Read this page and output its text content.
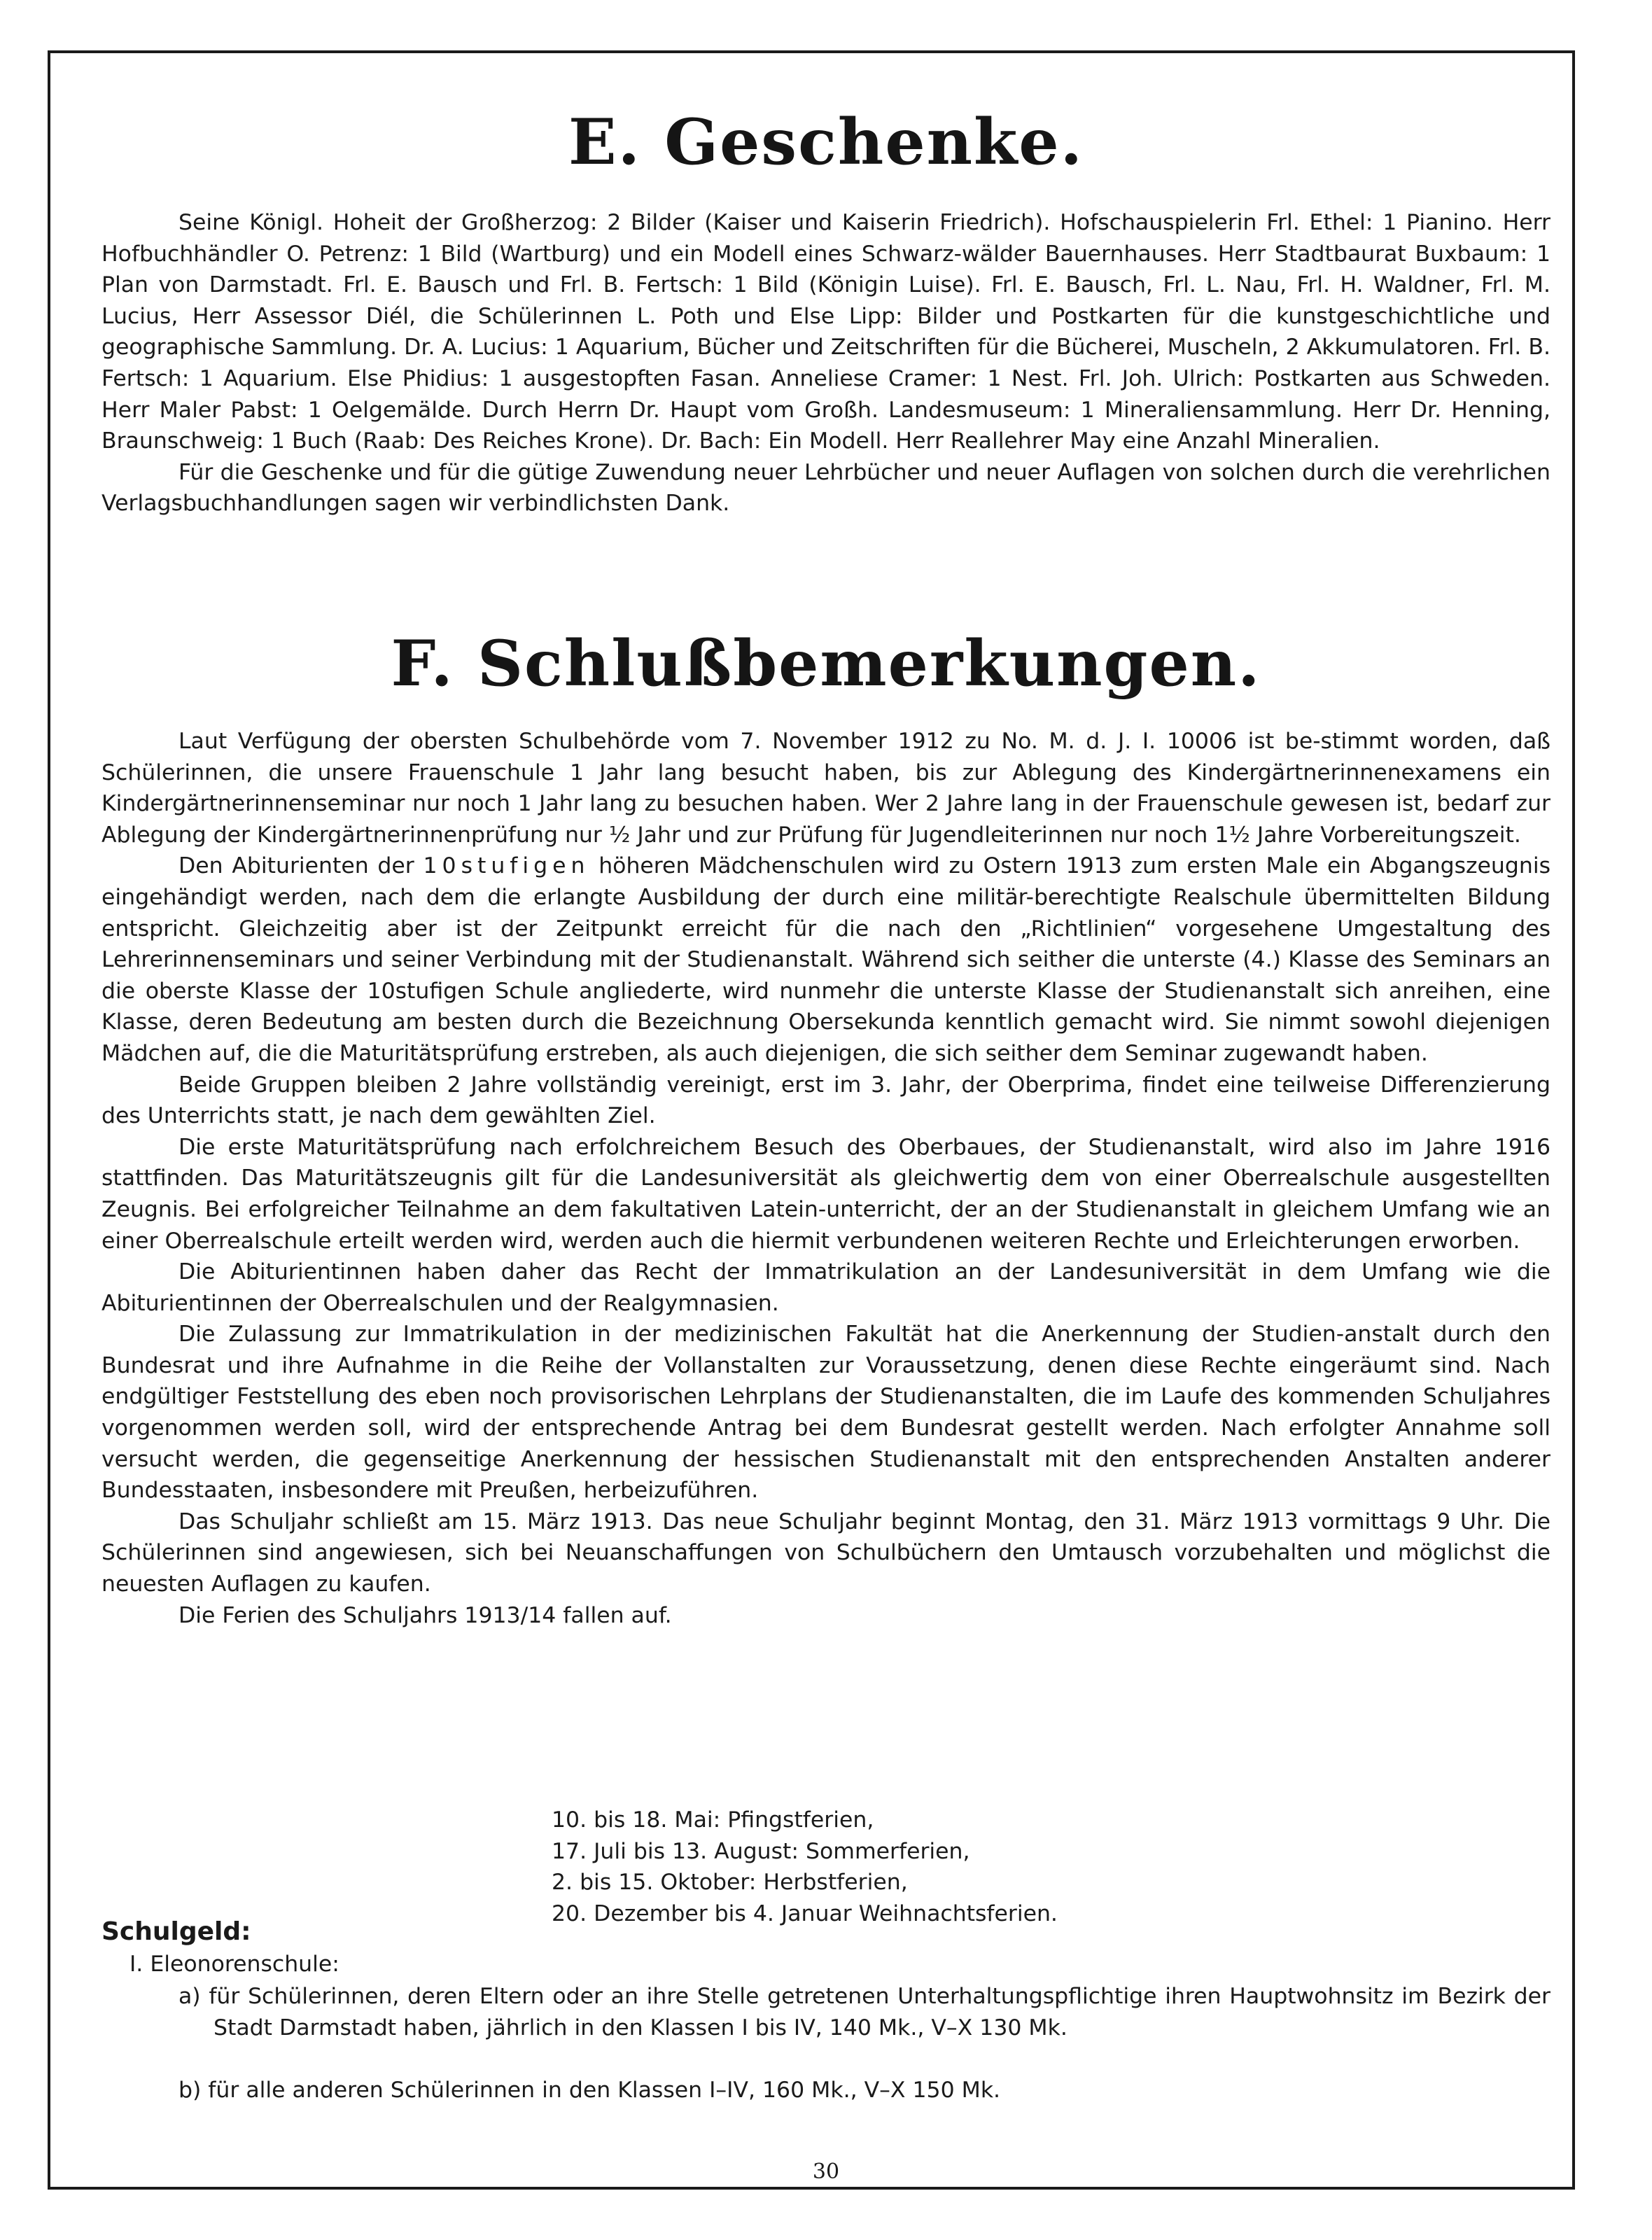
E. Geschenke.

Seine Königl. Hoheit der Großherzog: 2 Bilder (Kaiser und Kaiserin Friedrich). Hofschauspielerin Frl. Ethel: 1 Pianino. Herr Hofbuchhändler O. Petrenz: 1 Bild (Wartburg) und ein Modell eines Schwarz-wälder Bauernhauses. Herr Stadtbaurat Buxbaum: 1 Plan von Darmstadt. Frl. E. Bausch und Frl. B. Fertsch: 1 Bild (Königin Luise). Frl. E. Bausch, Frl. L. Nau, Frl. H. Waldner, Frl. M. Lucius, Herr Assessor Diél, die Schülerinnen L. Poth und Else Lipp: Bilder und Postkarten für die kunstgeschichtliche und geographische Sammlung. Dr. A. Lucius: 1 Aquarium, Bücher und Zeitschriften für die Bücherei, Muscheln, 2 Akkumulatoren. Frl. B. Fertsch: 1 Aquarium. Else Phidius: 1 ausgestopften Fasan. Anneliese Cramer: 1 Nest. Frl. Joh. Ulrich: Postkarten aus Schweden. Herr Maler Pabst: 1 Oelgemälde. Durch Herrn Dr. Haupt vom Großh. Landesmuseum: 1 Mineraliensammlung. Herr Dr. Henning, Braunschweig: 1 Buch (Raab: Des Reiches Krone). Dr. Bach: Ein Modell. Herr Reallehrer May eine Anzahl Mineralien.

Für die Geschenke und für die gütige Zuwendung neuer Lehrbücher und neuer Auflagen von solchen durch die verehrlichen Verlagsbuchhandlungen sagen wir verbindlichsten Dank.

F. Schlußbemerkungen.

Laut Verfügung der obersten Schulbehörde vom 7. November 1912 zu No. M. d. J. I. 10006 ist be-stimmt worden, daß Schülerinnen, die unsere Frauenschule 1 Jahr lang besucht haben, bis zur Ablegung des Kindergärtnerinnenexamens ein Kindergärtnerinnenseminar nur noch 1 Jahr lang zu besuchen haben. Wer 2 Jahre lang in der Frauenschule gewesen ist, bedarf zur Ablegung der Kindergärtnerinnenprüfung nur ½ Jahr und zur Prüfung für Jugendleiterinnen nur noch 1½ Jahre Vorbereitungszeit.

Den Abiturienten der 10stufigen höheren Mädchenschulen wird zu Ostern 1913 zum ersten Male ein Abgangszeugnis eingehändigt werden, nach dem die erlangte Ausbildung der durch eine militär-berechtigte Realschule übermittelten Bildung entspricht. Gleichzeitig aber ist der Zeitpunkt erreicht für die nach den „Richtlinien“ vorgesehene Umgestaltung des Lehrerinnenseminars und seiner Verbindung mit der Studienanstalt. Während sich seither die unterste (4.) Klasse des Seminars an die oberste Klasse der 10stufigen Schule angliederte, wird nunmehr die unterste Klasse der Studienanstalt sich anreihen, eine Klasse, deren Bedeutung am besten durch die Bezeichnung Obersekunda kenntlich gemacht wird. Sie nimmt sowohl diejenigen Mädchen auf, die die Maturitätsprüfung erstreben, als auch diejenigen, die sich seither dem Seminar zugewandt haben.

Beide Gruppen bleiben 2 Jahre vollständig vereinigt, erst im 3. Jahr, der Oberprima, findet eine teilweise Differenzierung des Unterrichts statt, je nach dem gewählten Ziel.

Die erste Maturitätsprüfung nach erfolchreichem Besuch des Oberbaues, der Studienanstalt, wird also im Jahre 1916 stattfinden. Das Maturitätszeugnis gilt für die Landesuniversität als gleichwertig dem von einer Oberrealschule ausgestellten Zeugnis. Bei erfolgreicher Teilnahme an dem fakultativen Latein-unterricht, der an der Studienanstalt in gleichem Umfang wie an einer Oberrealschule erteilt werden wird, werden auch die hiermit verbundenen weiteren Rechte und Erleichterungen erworben.

Die Abiturientinnen haben daher das Recht der Immatrikulation an der Landesuniversität in dem Umfang wie die Abiturientinnen der Oberrealschulen und der Realgymnasien.

Die Zulassung zur Immatrikulation in der medizinischen Fakultät hat die Anerkennung der Studien-anstalt durch den Bundesrat und ihre Aufnahme in die Reihe der Vollanstalten zur Voraussetzung, denen diese Rechte eingeräumt sind. Nach endgültiger Feststellung des eben noch provisorischen Lehrplans der Studienanstalten, die im Laufe des kommenden Schuljahres vorgenommen werden soll, wird der entsprechende Antrag bei dem Bundesrat gestellt werden. Nach erfolgter Annahme soll versucht werden, die gegenseitige Anerkennung der hessischen Studienanstalt mit den entsprechenden Anstalten anderer Bundesstaaten, insbesondere mit Preußen, herbeizuführen.

Das Schuljahr schließt am 15. März 1913. Das neue Schuljahr beginnt Montag, den 31. März 1913 vormittags 9 Uhr. Die Schülerinnen sind angewiesen, sich bei Neuanschaffungen von Schulbüchern den Umtausch vorzubehalten und möglichst die neuesten Auflagen zu kaufen.

Die Ferien des Schuljahrs 1913/14 fallen auf.

10. bis 18. Mai: Pfingstferien,
17. Juli bis 13. August: Sommerferien,
2. bis 15. Oktober: Herbstferien,
20. Dezember bis 4. Januar Weihnachtsferien.
Schulgeld:
I. Eleonorenschule:
a) für Schülerinnen, deren Eltern oder an ihre Stelle getretenen Unterhaltungspflichtige ihren Hauptwohnsitz im Bezirk der Stadt Darmstadt haben, jährlich in den Klassen I bis IV, 140 Mk., V–X 130 Mk.
b) für alle anderen Schülerinnen in den Klassen I–IV, 160 Mk., V–X 150 Mk.
30
